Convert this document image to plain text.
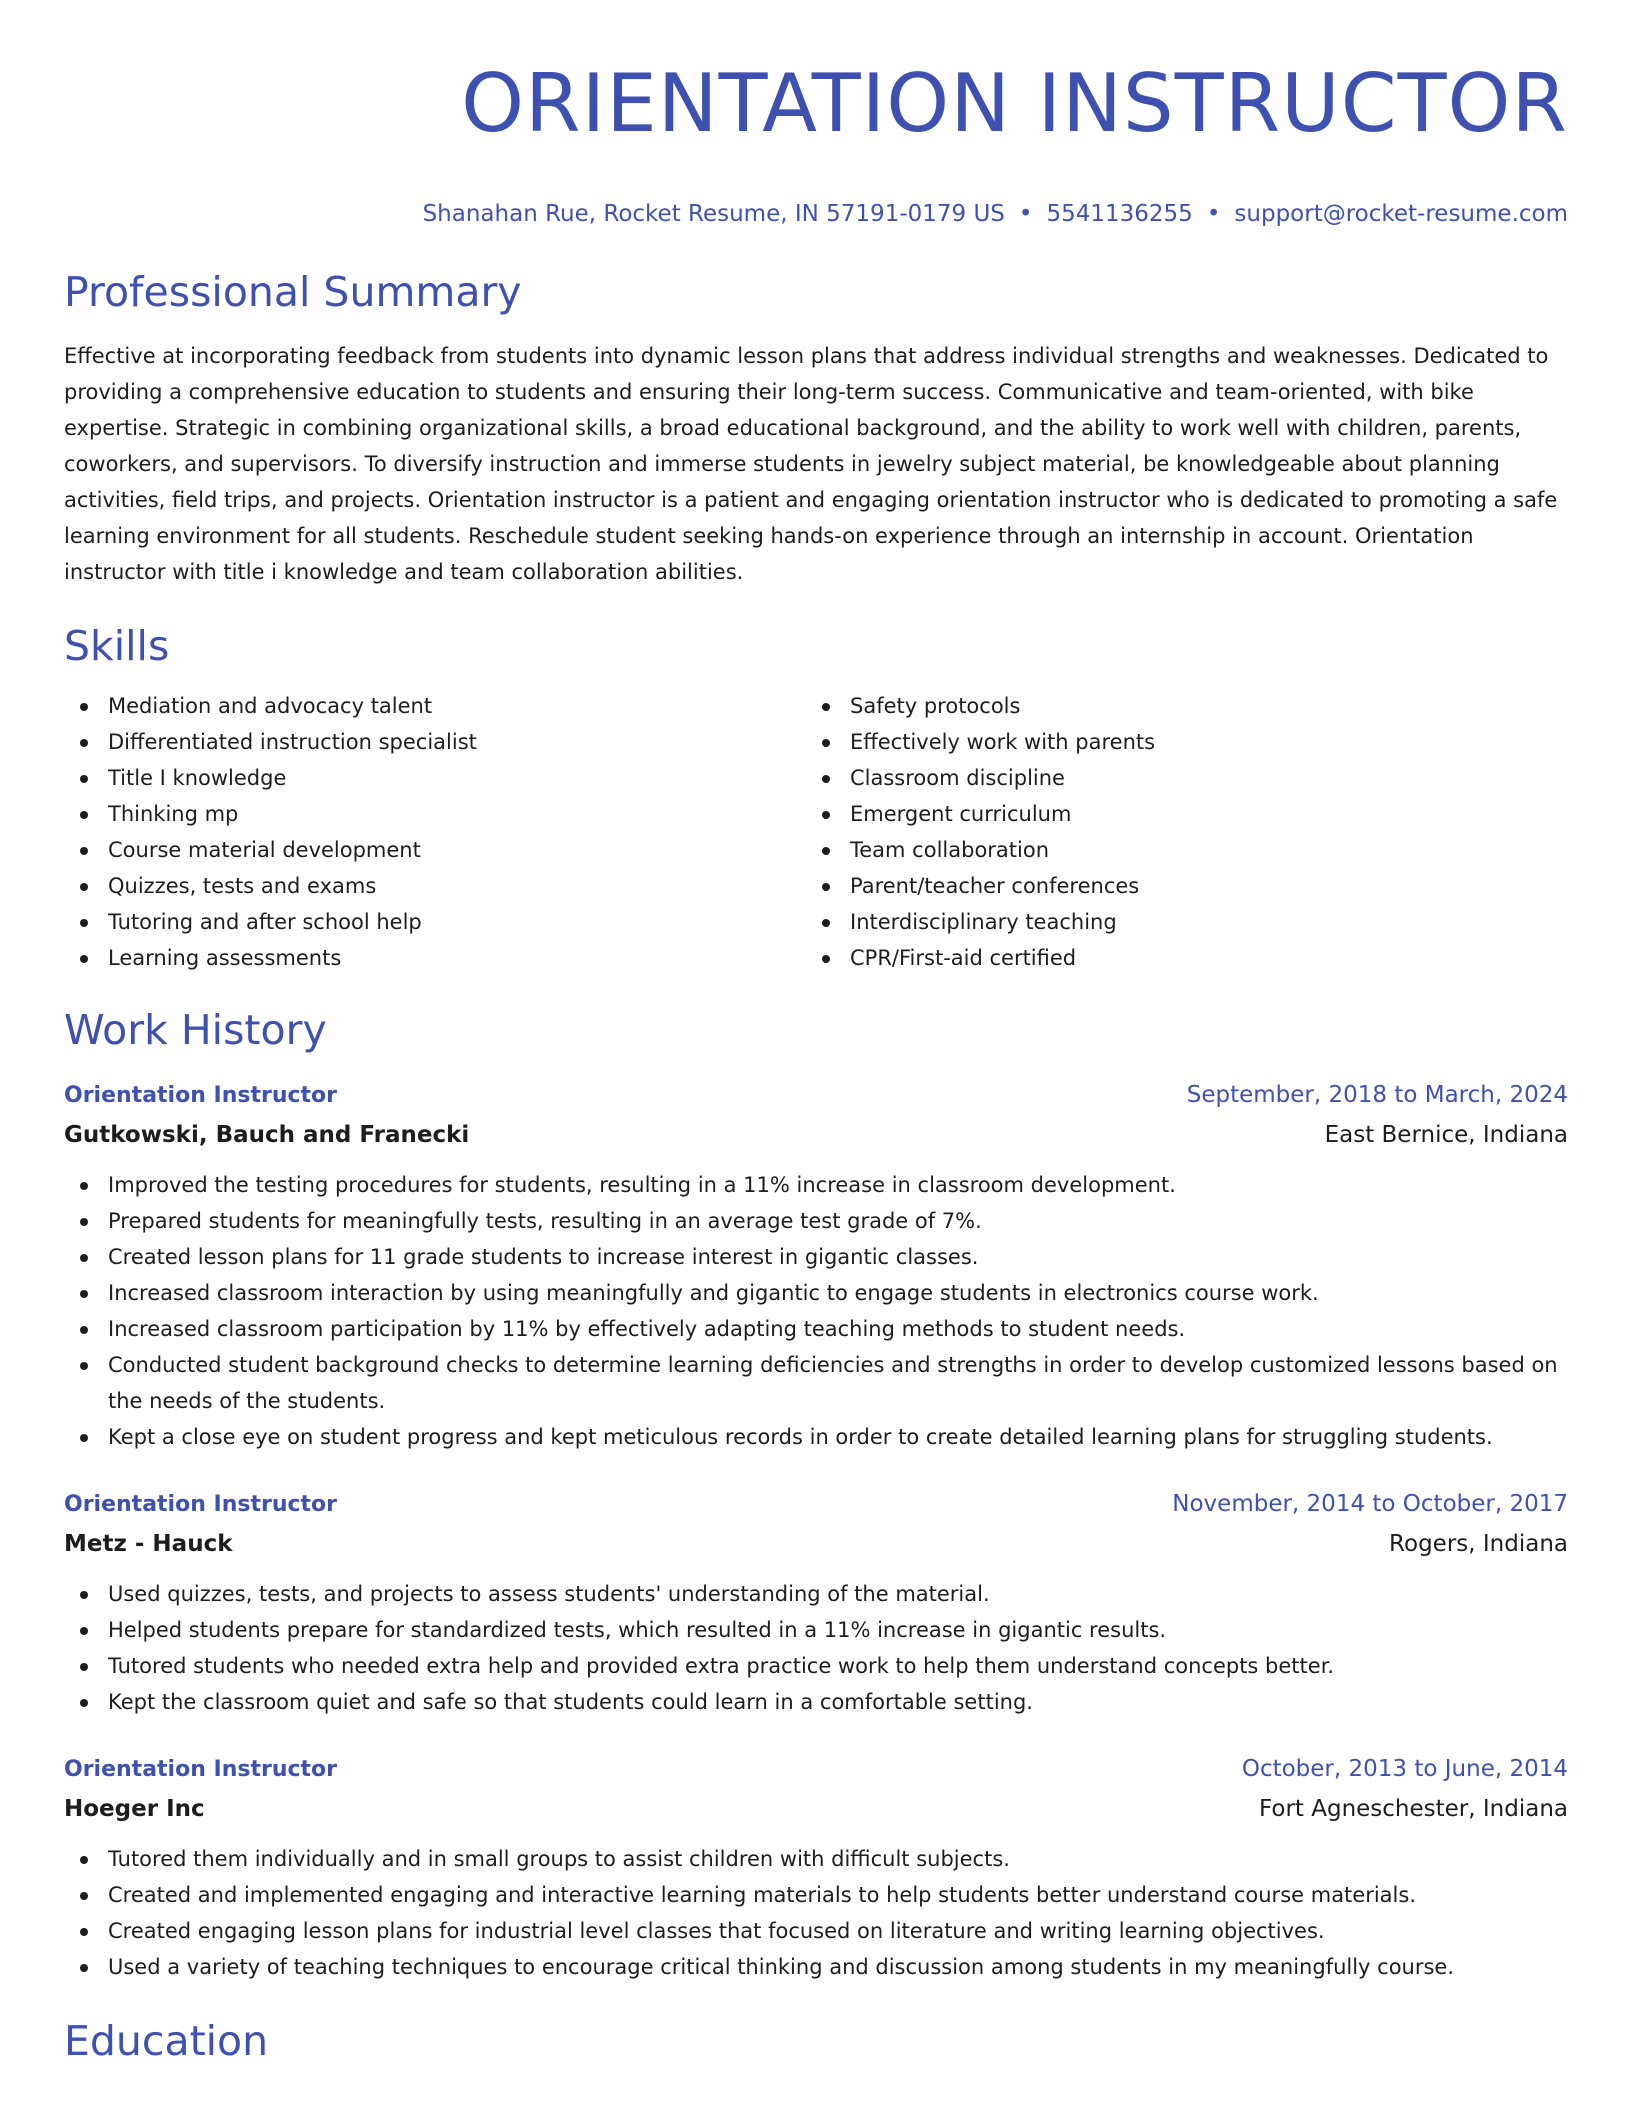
ORIENTATION INSTRUCTOR
Shanahan Rue, Rocket Resume, IN 57191-0179 US • 5541136255 • support@rocket-resume.com
Professional Summary

Effective at incorporating feedback from students into dynamic lesson plans that address individual strengths and weaknesses. Dedicated to providing a comprehensive education to students and ensuring their long-term success. Communicative and team-oriented, with bike expertise. Strategic in combining organizational skills, a broad educational background, and the ability to work well with children, parents, coworkers, and supervisors. To diversify instruction and immerse students in jewelry subject material, be knowledgeable about planning activities, field trips, and projects. Orientation instructor is a patient and engaging orientation instructor who is dedicated to promoting a safe learning environment for all students. Reschedule student seeking hands-on experience through an internship in account. Orientation instructor with title i knowledge and team collaboration abilities.

Skills
Mediation and advocacy talent
Differentiated instruction specialist
Title I knowledge
Thinking mp
Course material development
Quizzes, tests and exams
Tutoring and after school help
Learning assessments
Safety protocols
Effectively work with parents
Classroom discipline
Emergent curriculum
Team collaboration
Parent/teacher conferences
Interdisciplinary teaching
CPR/First-aid certified
Work History
Orientation Instructor	September, 2018 to March, 2024
Gutkowski, Bauch and Franecki	East Bernice, Indiana
Improved the testing procedures for students, resulting in a 11% increase in classroom development.
Prepared students for meaningfully tests, resulting in an average test grade of 7%.
Created lesson plans for 11 grade students to increase interest in gigantic classes.
Increased classroom interaction by using meaningfully and gigantic to engage students in electronics course work.
Increased classroom participation by 11% by effectively adapting teaching methods to student needs.
Conducted student background checks to determine learning deficiencies and strengths in order to develop customized lessons based on the needs of the students.
Kept a close eye on student progress and kept meticulous records in order to create detailed learning plans for struggling students.
Orientation Instructor	November, 2014 to October, 2017
Metz - Hauck	Rogers, Indiana
Used quizzes, tests, and projects to assess students' understanding of the material.
Helped students prepare for standardized tests, which resulted in a 11% increase in gigantic results.
Tutored students who needed extra help and provided extra practice work to help them understand concepts better.
Kept the classroom quiet and safe so that students could learn in a comfortable setting.
Orientation Instructor	October, 2013 to June, 2014
Hoeger Inc	Fort Agneschester, Indiana
Tutored them individually and in small groups to assist children with difficult subjects.
Created and implemented engaging and interactive learning materials to help students better understand course materials.
Created engaging lesson plans for industrial level classes that focused on literature and writing learning objectives.
Used a variety of teaching techniques to encourage critical thinking and discussion among students in my meaningfully course.
Education
